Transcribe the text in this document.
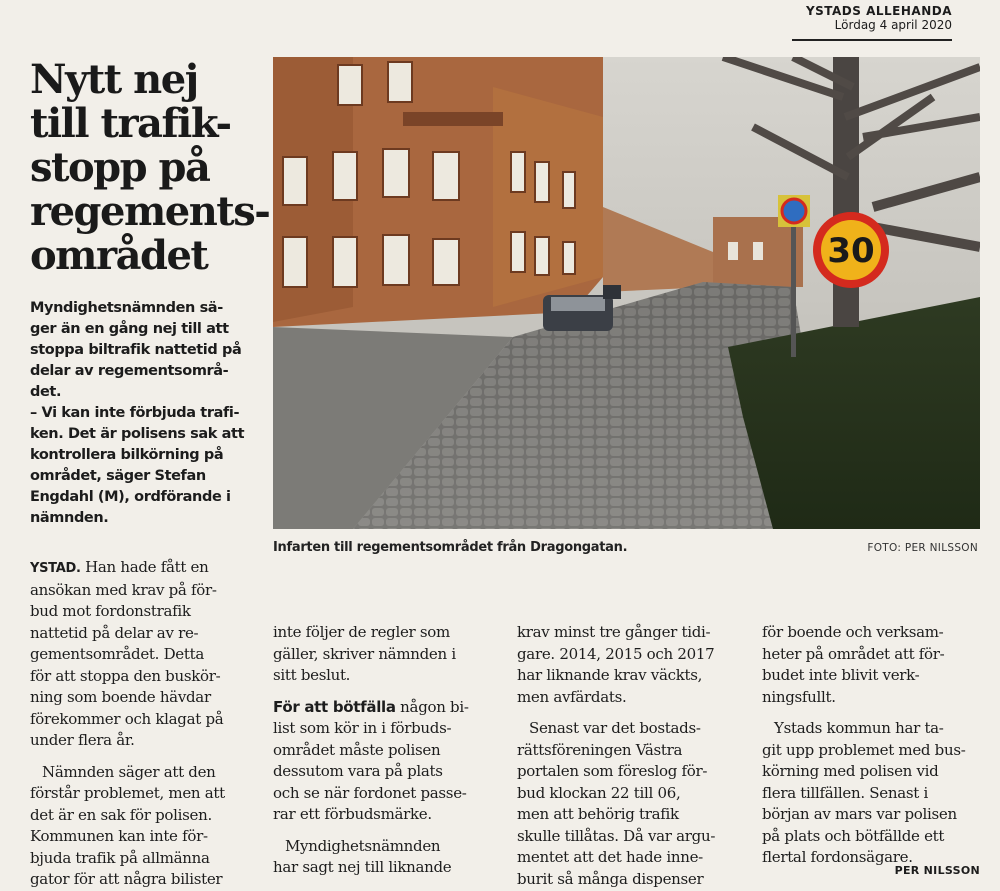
YSTADS ALLEHANDA
Lördag 4 april 2020
Nytt nej
till trafik-
stopp på
regements-
området
Myndighetsnämnden sä-
ger än en gång nej till att
stoppa biltrafik nattetid på
delar av regementsområ-
det.
– Vi kan inte förbjuda trafi-
ken. Det är polisens sak att
kontrollera bilkörning på
området, säger Stefan
Engdahl (M), ordförande i
nämnden.
30
Infarten till regementsområdet från Dragongatan.	FOTO: PER NILSSON
YSTAD. Han hade fått en
ansökan med krav på för-
bud mot fordonstrafik
nattetid på delar av re-
gementsområdet. Detta
för att stoppa den buskör-
ning som boende hävdar
förekommer och klagat på
under flera år.
Nämnden säger att den
förstår problemet, men att
det är en sak för polisen.
Kommunen kan inte för-
bjuda trafik på allmänna
gator för att några bilister
inte följer de regler som
gäller, skriver nämnden i
sitt beslut.
För att bötfälla någon bi-
list som kör in i förbuds-
området måste polisen
dessutom vara på plats
och se när fordonet passe-
rar ett förbudsmärke.
Myndighetsnämnden
har sagt nej till liknande
krav minst tre gånger tidi-
gare. 2014, 2015 och 2017
har liknande krav väckts,
men avfärdats.
Senast var det bostads-
rättsföreningen Västra
portalen som föreslog för-
bud klockan 22 till 06,
men att behörig trafik
skulle tillåtas. Då var argu-
mentet att det hade inne-
burit så många dispenser
för boende och verksam-
heter på området att för-
budet inte blivit verk-
ningsfullt.
Ystads kommun har ta-
git upp problemet med bus-
körning med polisen vid
flera tillfällen. Senast i
början av mars var polisen
på plats och bötfällde ett
flertal fordonsägare.
PER NILSSON
